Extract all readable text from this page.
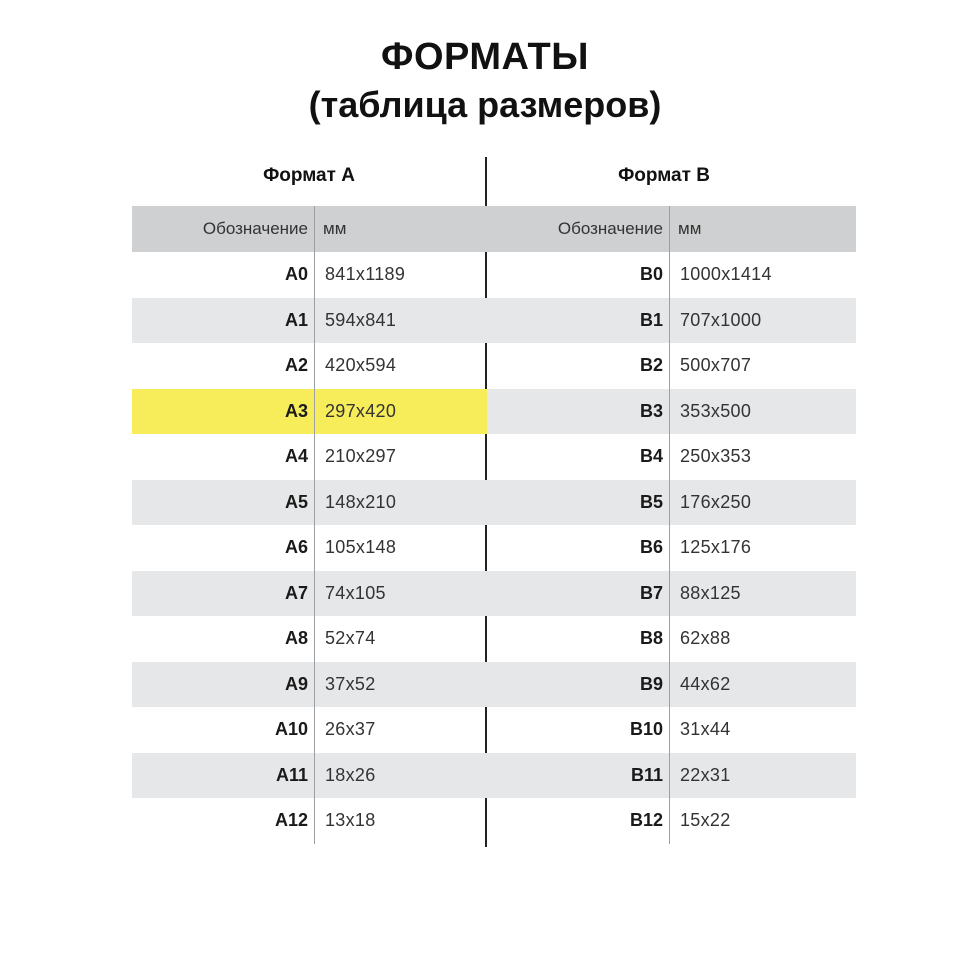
ФОРМАТЫ
(таблица размеров)
Формат А
Обозначение	мм
A0	841x1189
A1	594x841
A2	420x594
A3	297x420
A4	210x297
A5	148x210
A6	105x148
A7	74x105
A8	52x74
A9	37x52
A10	26x37
A11	18x26
A12	13x18
Формат В
Обозначение	мм
B0	1000x1414
B1	707x1000
B2	500x707
B3	353x500
B4	250x353
B5	176x250
B6	125x176
B7	88x125
B8	62x88
B9	44x62
B10	31x44
B11	22x31
B12	15x22
